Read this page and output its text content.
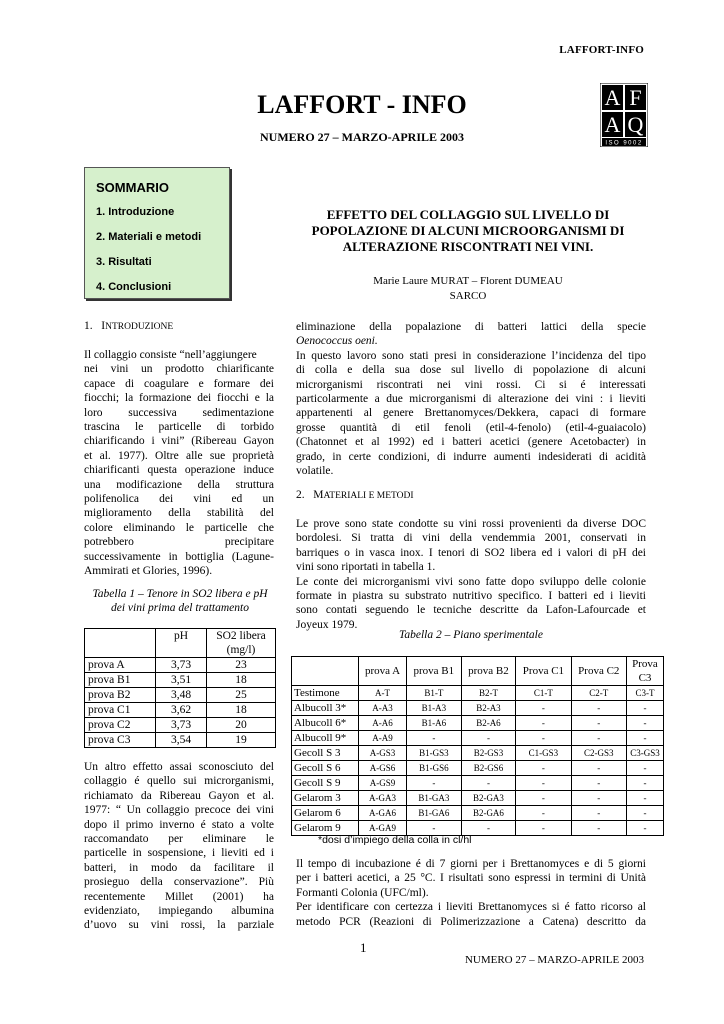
LAFFORT-INFO
LAFFORT - INFO
NUMERO 27 – MARZO-APRILE 2003
A F
A Q
ISO 9002
SOMMARIO
1. Introduzione
2. Materiali e metodi
3. Risultati
4. Conclusioni
EFFETTO DEL COLLAGGIO SUL LIVELLO DI
POPOLAZIONE DI ALCUNI MICROORGANISMI DI
ALTERAZIONE RISCONTRATI NEI VINI.
Marie Laure MURAT – Florent DUMEAU
SARCO
1. INTRODUZIONE
Il collaggio consiste “nell’aggiungere
nei vini un prodotto chiarificante
capace di coagulare e formare dei
fiocchi; la formazione dei fiocchi e la
loro successiva sedimentazione
trascina le particelle di torbido
chiarificando i vini” (Ribereau Gayon
et al. 1977). Oltre alle sue proprietà
chiarificanti questa operazione induce
una modificazione della struttura
polifenolica dei vini ed un
miglioramento della stabilità del
colore eliminando le particelle che
potrebbero precipitare
successivamente in bottiglia (Lagune-
Ammirati et Glories, 1996).
Tabella 1 – Tenore in SO2 libera e pH
dei vini prima del trattamento
	pH	SO2 libera
(mg/l)

prova A	3,73	23
prova B1	3,51	18
prova B2	3,48	25
prova C1	3,62	18
prova C2	3,73	20
prova C3	3,54	19
Un altro effetto assai sconosciuto del
collaggio é quello sui microrganismi,
richiamato da Ribereau Gayon et al.
1977: “ Un collaggio precoce dei vini
dopo il primo inverno é stato a volte
raccomandato per eliminare le
particelle in sospensione, i lieviti ed i
batteri, in modo da facilitare il
prosieguo della conservazione”. Più
recentemente Millet (2001) ha
evidenziato, impiegando albumina
d’uovo su vini rossi, la parziale
eliminazione della popalazione di batteri lattici della specie
Oenococcus oeni.
In questo lavoro sono stati presi in considerazione l’incidenza del tipo
di colla e della sua dose sul livello di popolazione di alcuni
microrganismi riscontrati nei vini rossi. Ci si é interessati
particolarmente a due microrganismi di alterazione dei vini : i lieviti
appartenenti al genere Brettanomyces/Dekkera, capaci di formare
grosse quantità di etil fenoli (etil-4-fenolo) (etil-4-guaiacolo)
(Chatonnet et al 1992) ed i batteri acetici (genere Acetobacter) in
grado, in certe condizioni, di indurre aumenti indesiderati di acidità
volatile.
2. MATERIALI E METODI
Le prove sono state condotte su vini rossi provenienti da diverse DOC
bordolesi. Si tratta di vini della vendemmia 2001, conservati in
barriques o in vasca inox. I tenori di SO2 libera ed i valori di pH dei
vini sono riportati in tabella 1.
Le conte dei microrganismi vivi sono fatte dopo sviluppo delle colonie
formate in piastra su substrato nutritivo specifico. I batteri ed i lieviti
sono contati seguendo le tecniche descritte da Lafon-Lafourcade et
Joyeux 1979.
Tabella 2 – Piano sperimentale
	prova A	prova B1	prova B2	Prova C1	Prova C2	Prova C3
Testimone	A-T	B1-T	B2-T	C1-T	C2-T	C3-T
Albucoll 3*	A-A3	B1-A3	B2-A3	-	-	-
Albucoll 6*	A-A6	B1-A6	B2-A6	-	-	-
Albucoll 9*	A-A9	-	-	-	-	-
Gecoll S 3	A-GS3	B1-GS3	B2-GS3	C1-GS3	C2-GS3	C3-GS3
Gecoll S 6	A-GS6	B1-GS6	B2-GS6	-	-	-
Gecoll S 9	A-GS9	-	-	-	-	-
Gelarom 3	A-GA3	B1-GA3	B2-GA3	-	-	-
Gelarom 6	A-GA6	B1-GA6	B2-GA6	-	-	-
Gelarom 9	A-GA9	-	-	-	-	-
*dosi d’impiego della colla in cl/hl
Il tempo di incubazione é di 7 giorni per i Brettanomyces e di 5 giorni
per i batteri acetici, a 25 °C. I risultati sono espressi in termini di Unità
Formanti Colonia (UFC/ml).
Per identificare con certezza i lieviti Brettanomyces si é fatto ricorso al
metodo PCR (Reazioni di Polimerizzazione a Catena) descritto da
1
NUMERO 27 – MARZO-APRILE 2003
